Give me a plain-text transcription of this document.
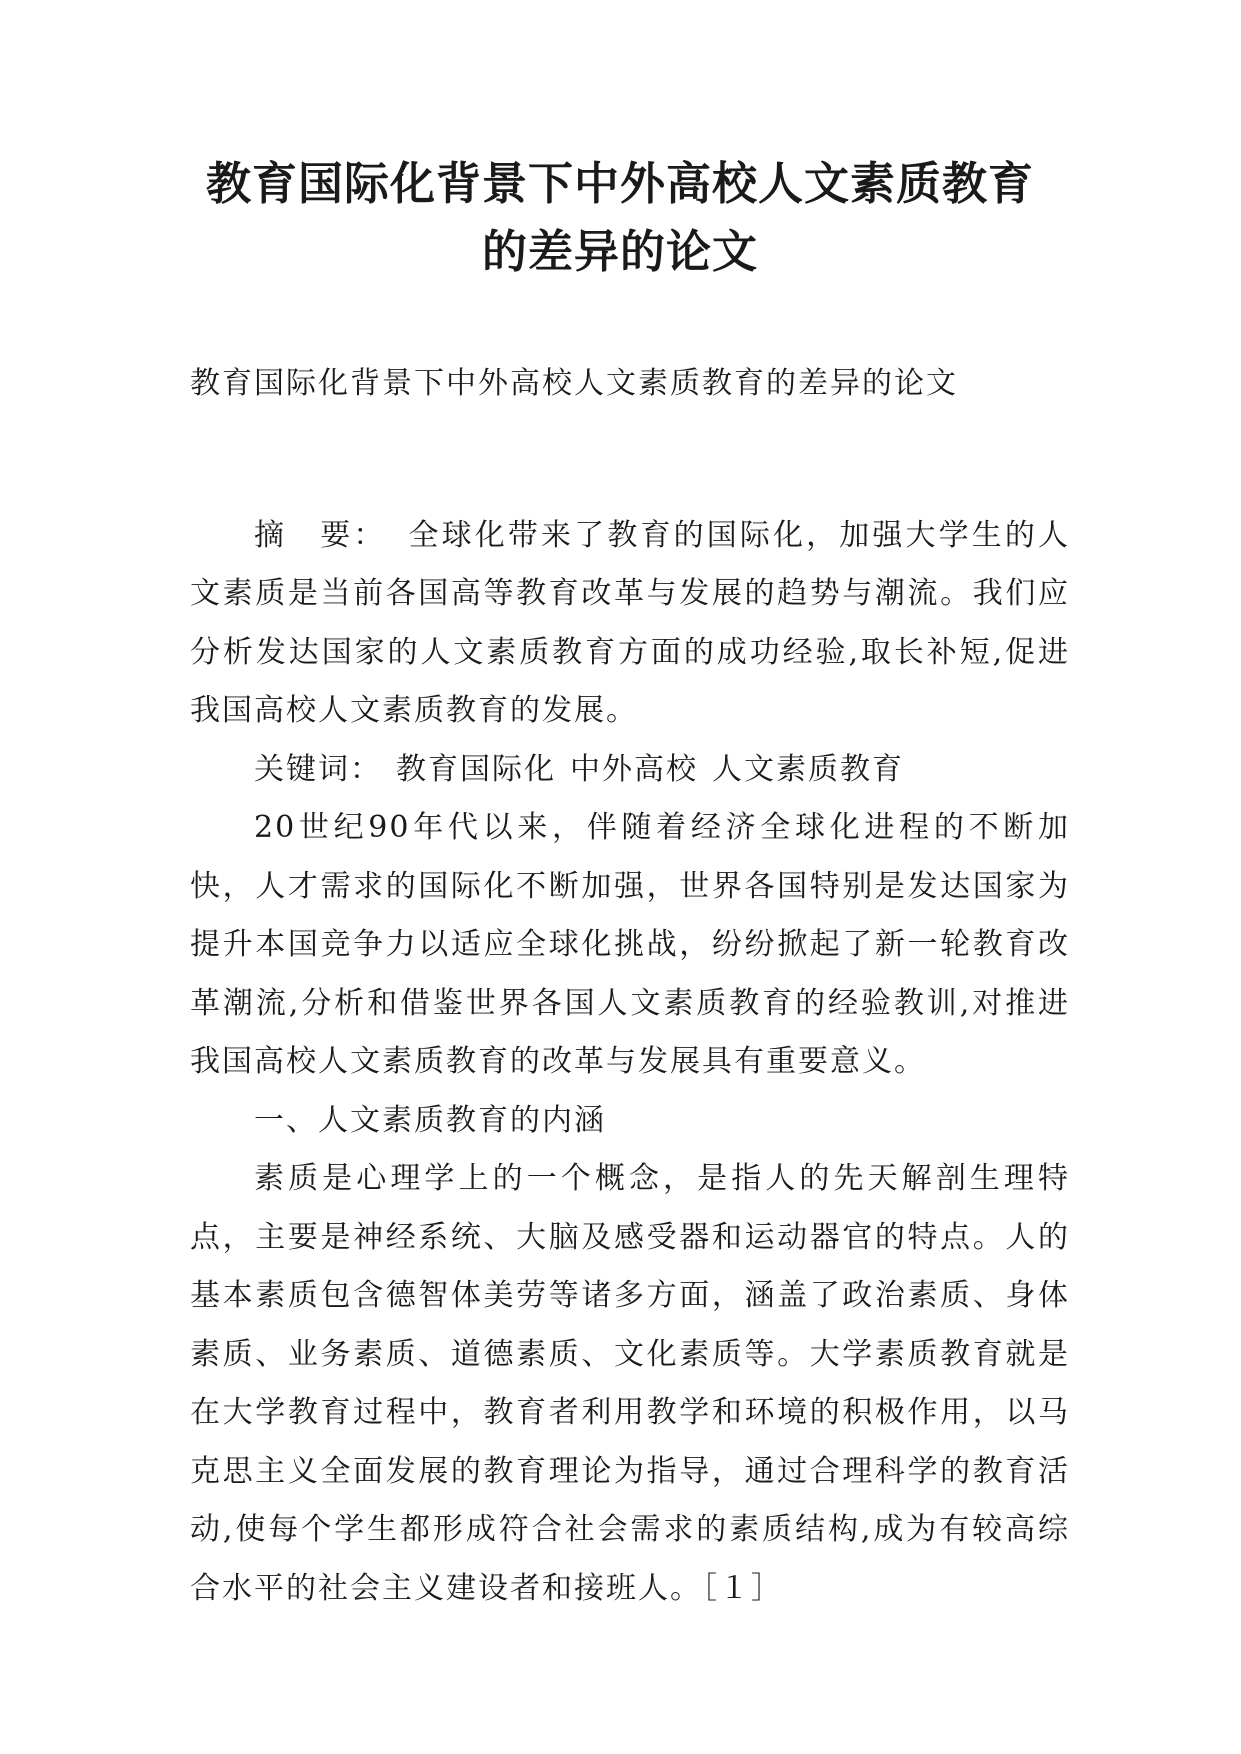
教育国际化背景下中外高校人文素质教育
的差异的论文

教育国际化背景下中外高校人文素质教育的差异的论文

摘　要： 全球化带来了教育的国际化，加强大学生的人文素质是当前各国高等教育改革与发展的趋势与潮流。我们应分析发达国家的人文素质教育方面的成功经验,取长补短,促进我国高校人文素质教育的发展。

关键词： 教育国际化 中外高校 人文素质教育

20世纪90年代以来，伴随着经济全球化进程的不断加快，人才需求的国际化不断加强，世界各国特别是发达国家为提升本国竞争力以适应全球化挑战，纷纷掀起了新一轮教育改革潮流,分析和借鉴世界各国人文素质教育的经验教训,对推进我国高校人文素质教育的改革与发展具有重要意义。

一、人文素质教育的内涵

素质是心理学上的一个概念，是指人的先天解剖生理特点，主要是神经系统、大脑及感受器和运动器官的特点。人的基本素质包含德智体美劳等诸多方面，涵盖了政治素质、身体素质、业务素质、道德素质、文化素质等。大学素质教育就是在大学教育过程中，教育者利用教学和环境的积极作用，以马克思主义全面发展的教育理论为指导，通过合理科学的教育活动,使每个学生都形成符合社会需求的素质结构,成为有较高综合水平的社会主义建设者和接班人。［１］
